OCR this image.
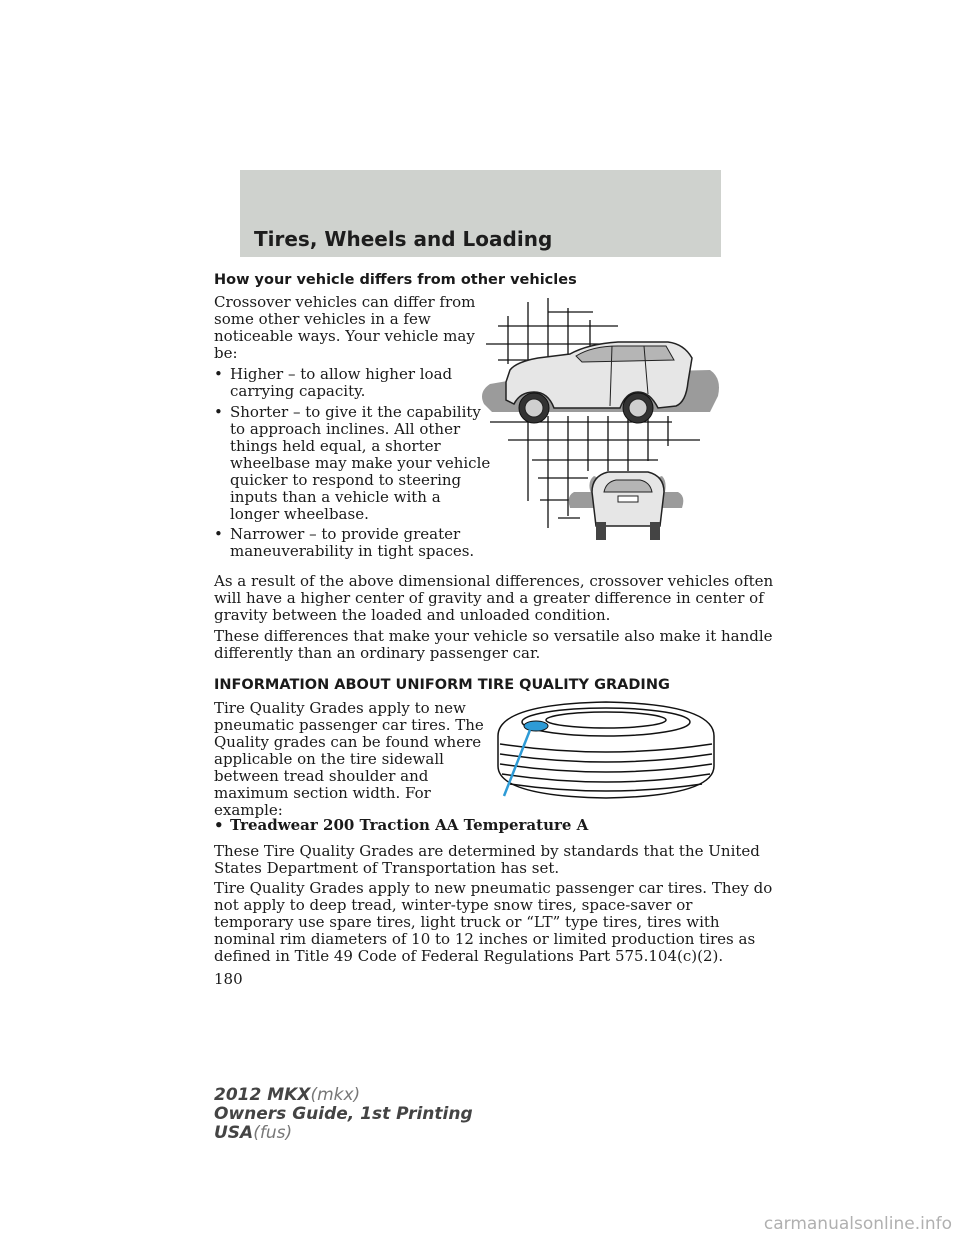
Tires, Wheels and Loading
How your vehicle differs from other vehicles
Crossover vehicles can differ from
some other vehicles in a few
noticeable ways. Your vehicle may
be:
• Higher – to allow higher load
carrying capacity.
• Shorter – to give it the capability
to approach inclines. All other
things held equal, a shorter
wheelbase may make your vehicle
quicker to respond to steering
inputs than a vehicle with a
longer wheelbase.
• Narrower – to provide greater
maneuverability in tight spaces.
As a result of the above dimensional differences, crossover vehicles often
will have a higher center of gravity and a greater difference in center of
gravity between the loaded and unloaded condition.
These differences that make your vehicle so versatile also make it handle
differently than an ordinary passenger car.
INFORMATION ABOUT UNIFORM TIRE QUALITY GRADING
Tire Quality Grades apply to new
pneumatic passenger car tires. The
Quality grades can be found where
applicable on the tire sidewall
between tread shoulder and
maximum section width. For
example:
• Treadwear 200 Traction AA Temperature A
These Tire Quality Grades are determined by standards that the United
States Department of Transportation has set.
Tire Quality Grades apply to new pneumatic passenger car tires. They do
not apply to deep tread, winter-type snow tires, space-saver or
temporary use spare tires, light truck or “LT” type tires, tires with
nominal rim diameters of 10 to 12 inches or limited production tires as
defined in Title 49 Code of Federal Regulations Part 575.104(c)(2).
180
2012 MKX(mkx)
Owners Guide, 1st Printing
USA(fus)
carmanualsonline.info
